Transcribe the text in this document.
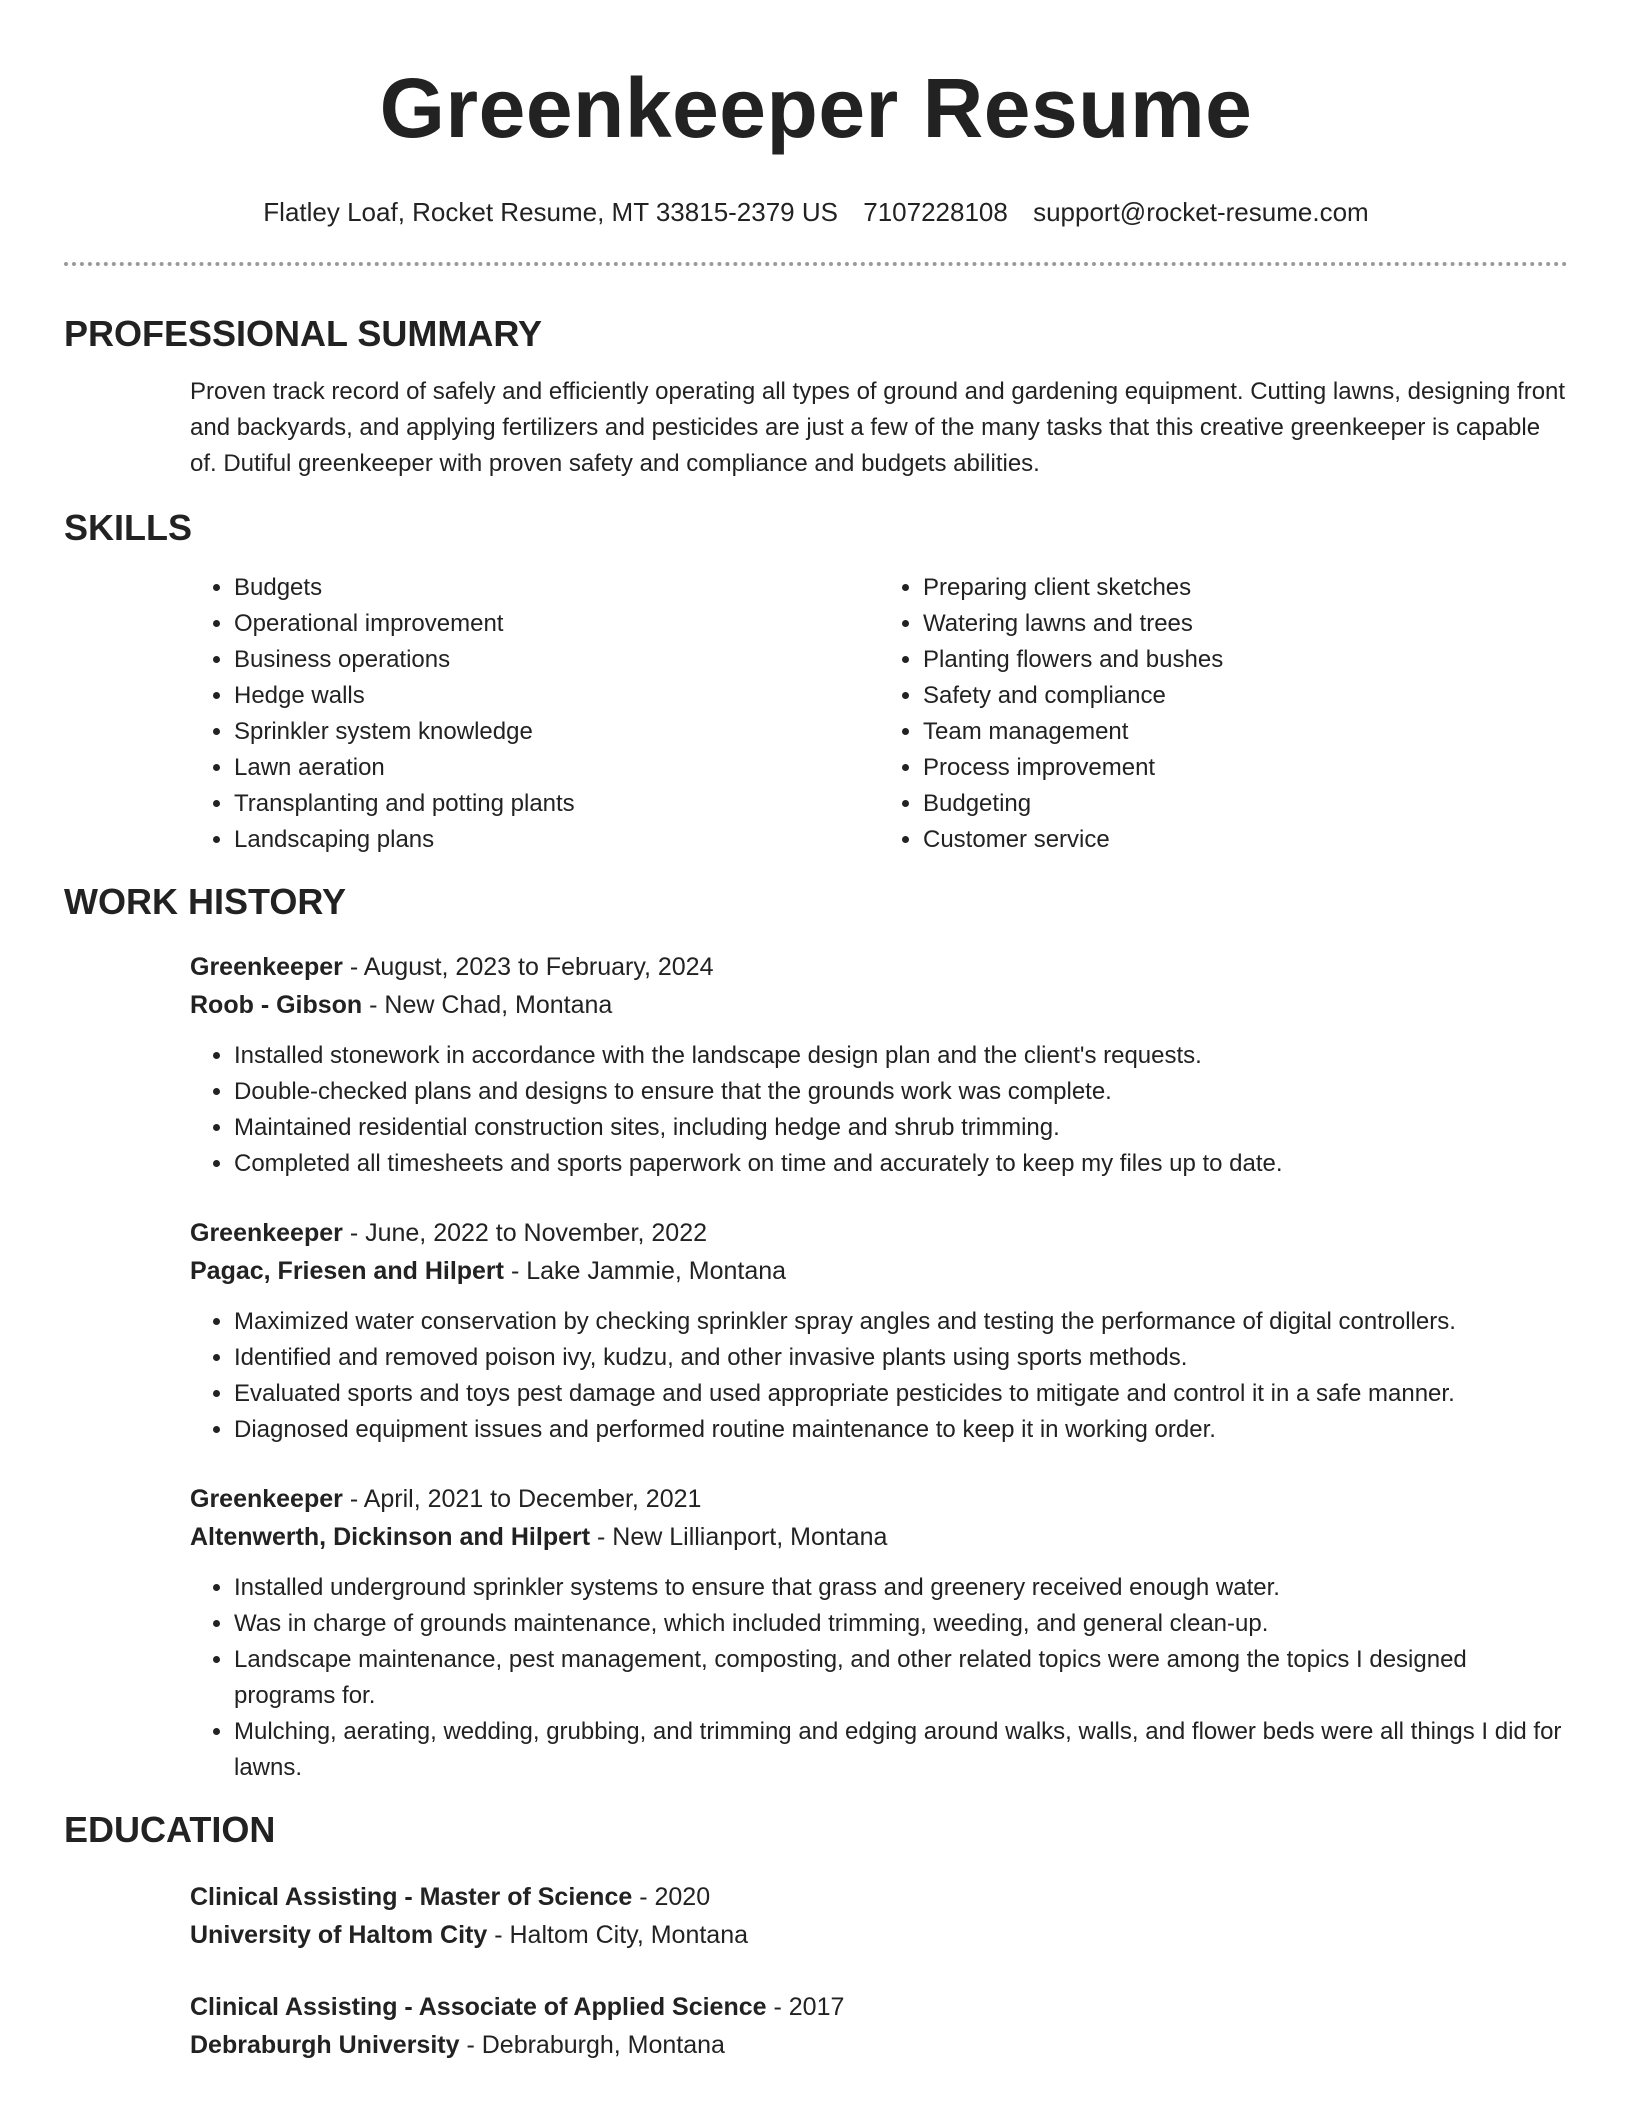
Greenkeeper Resume
Flatley Loaf, Rocket Resume, MT 33815-2379 US 7107228108 support@rocket-resume.com
PROFESSIONAL SUMMARY

Proven track record of safely and efficiently operating all types of ground and gardening equipment. Cutting lawns, designing front and backyards, and applying fertilizers and pesticides are just a few of the many tasks that this creative greenkeeper is capable of. Dutiful greenkeeper with proven safety and compliance and budgets abilities.

SKILLS
• Budgets
• Operational improvement
• Business operations
• Hedge walls
• Sprinkler system knowledge
• Lawn aeration
• Transplanting and potting plants
• Landscaping plans
• Preparing client sketches
• Watering lawns and trees
• Planting flowers and bushes
• Safety and compliance
• Team management
• Process improvement
• Budgeting
• Customer service
WORK HISTORY
Greenkeeper - August, 2023 to February, 2024
Roob - Gibson - New Chad, Montana
• Installed stonework in accordance with the landscape design plan and the client's requests.
• Double-checked plans and designs to ensure that the grounds work was complete.
• Maintained residential construction sites, including hedge and shrub trimming.
• Completed all timesheets and sports paperwork on time and accurately to keep my files up to date.
Greenkeeper - June, 2022 to November, 2022
Pagac, Friesen and Hilpert - Lake Jammie, Montana
• Maximized water conservation by checking sprinkler spray angles and testing the performance of digital controllers.
• Identified and removed poison ivy, kudzu, and other invasive plants using sports methods.
• Evaluated sports and toys pest damage and used appropriate pesticides to mitigate and control it in a safe manner.
• Diagnosed equipment issues and performed routine maintenance to keep it in working order.
Greenkeeper - April, 2021 to December, 2021
Altenwerth, Dickinson and Hilpert - New Lillianport, Montana
• Installed underground sprinkler systems to ensure that grass and greenery received enough water.
• Was in charge of grounds maintenance, which included trimming, weeding, and general clean-up.
• Landscape maintenance, pest management, composting, and other related topics were among the topics I designed programs for.
• Mulching, aerating, wedding, grubbing, and trimming and edging around walks, walls, and flower beds were all things I did for lawns.
EDUCATION
Clinical Assisting - Master of Science - 2020
University of Haltom City - Haltom City, Montana
Clinical Assisting - Associate of Applied Science - 2017
Debraburgh University - Debraburgh, Montana
